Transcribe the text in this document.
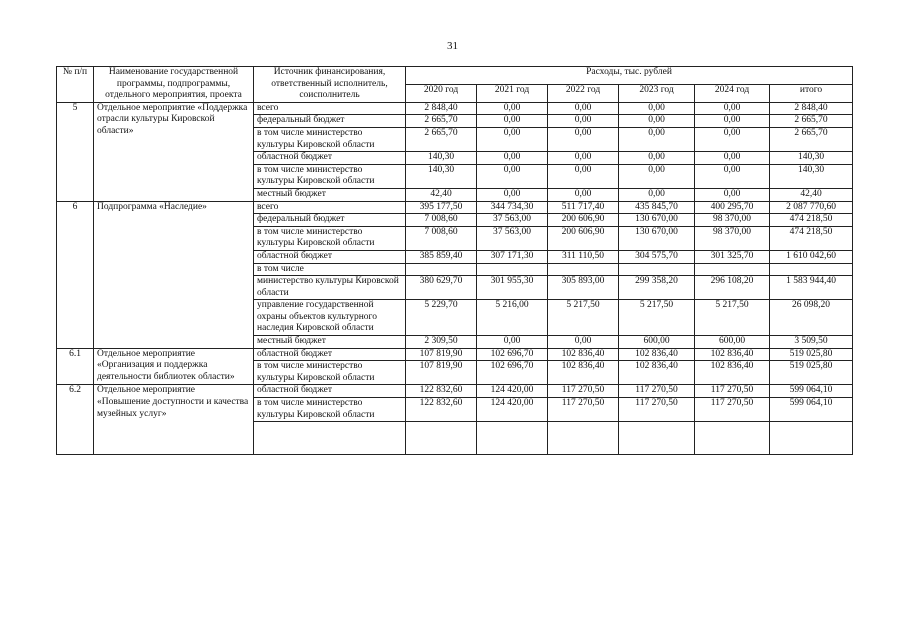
31
№ п/п	Наименование государственной программы, подпрограммы, отдельного мероприятия, проекта	Источник финансирования, ответственный исполнитель, соисполнитель	Расходы, тыс. рублей					
			2020 год	2021 год	2022 год	2023 год	2024 год	итого
5	Отдельное мероприятие «Поддержка отрасли культуры Кировской области»	всего	2 848,40	0,00	0,00	0,00	0,00	2 848,40
		федеральный бюджет	2 665,70	0,00	0,00	0,00	0,00	2 665,70
		в том числе министерство культуры Кировской области	2 665,70	0,00	0,00	0,00	0,00	2 665,70
		областной бюджет	140,30	0,00	0,00	0,00	0,00	140,30
		в том числе министерство культуры Кировской области	140,30	0,00	0,00	0,00	0,00	140,30
		местный бюджет	42,40	0,00	0,00	0,00	0,00	42,40
6	Подпрограмма «Наследие»	всего	395 177,50	344 734,30	511 717,40	435 845,70	400 295,70	2 087 770,60
		федеральный бюджет	7 008,60	37 563,00	200 606,90	130 670,00	98 370,00	474 218,50
		в том числе министерство культуры Кировской области	7 008,60	37 563,00	200 606,90	130 670,00	98 370,00	474 218,50
		областной бюджет	385 859,40	307 171,30	311 110,50	304 575,70	301 325,70	1 610 042,60
		в том числе						
		министерство культуры Кировской области	380 629,70	301 955,30	305 893,00	299 358,20	296 108,20	1 583 944,40
		управление государственной охраны объектов культурного наследия Кировской области	5 229,70	5 216,00	5 217,50	5 217,50	5 217,50	26 098,20
		местный бюджет	2 309,50	0,00	0,00	600,00	600,00	3 509,50
6.1	Отдельное мероприятие «Организация и поддержка деятельности библиотек области»	областной бюджет	107 819,90	102 696,70	102 836,40	102 836,40	102 836,40	519 025,80
		в том числе министерство культуры Кировской области	107 819,90	102 696,70	102 836,40	102 836,40	102 836,40	519 025,80
6.2	Отдельное мероприятие «Повышение доступности и качества музейных услуг»	областной бюджет	122 832,60	124 420,00	117 270,50	117 270,50	117 270,50	599 064,10
		в том числе министерство культуры Кировской области	122 832,60	124 420,00	117 270,50	117 270,50	117 270,50	599 064,10
